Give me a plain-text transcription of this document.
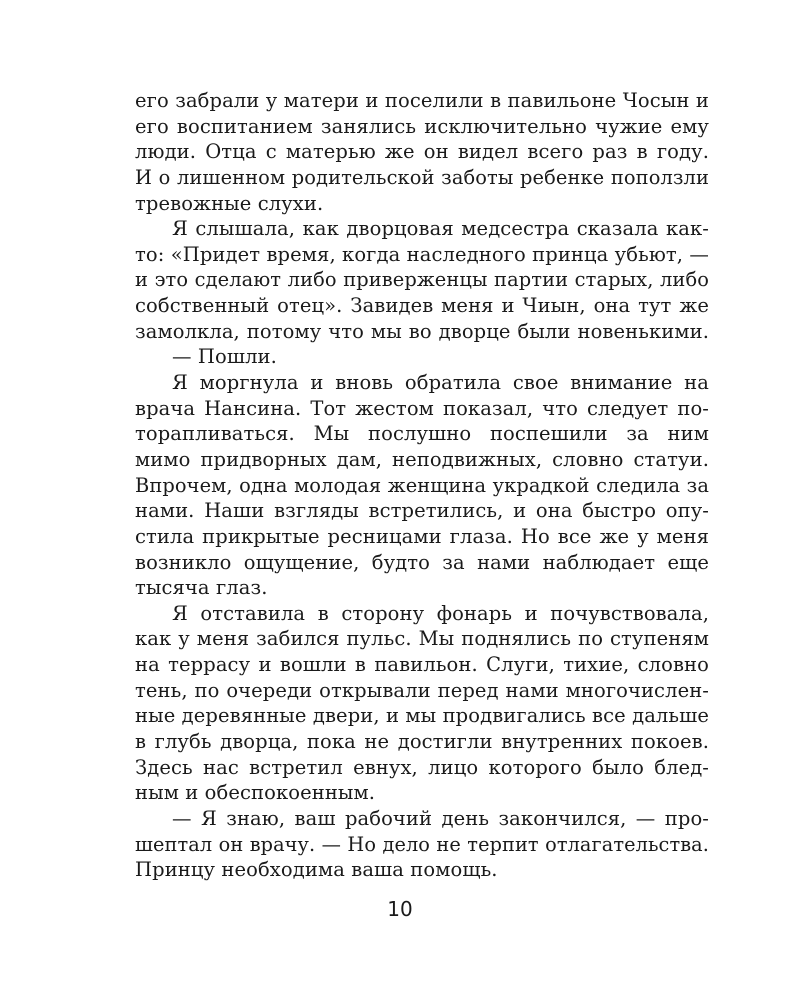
его забрали у матери и поселили в павильоне Чосын и
его воспитанием занялись исключительно чужие ему
люди. Отца с матерью же он видел всего раз в году.
И о лишенном родительской заботы ребенке поползли
тревожные слухи.
Я слышала, как дворцовая медсестра сказала как-
то: «Придет время, когда наследного принца убьют, —
и это сделают либо приверженцы партии старых, либо
собственный отец». Завидев меня и Чиын, она тут же
замолкла, потому что мы во дворце были новенькими.
— Пошли.
Я моргнула и вновь обратила свое внимание на
врача Нансина. Тот жестом показал, что следует по-
торапливаться. Мы послушно поспешили за ним
мимо придворных дам, неподвижных, словно статуи.
Впрочем, одна молодая женщина украдкой следила за
нами. Наши взгляды встретились, и она быстро опу-
стила прикрытые ресницами глаза. Но все же у меня
возникло ощущение, будто за нами наблюдает еще
тысяча глаз.
Я отставила в сторону фонарь и почувствовала,
как у меня забился пульс. Мы поднялись по ступеням
на террасу и вошли в павильон. Слуги, тихие, словно
тень, по очереди открывали перед нами многочислен-
ные деревянные двери, и мы продвигались все дальше
в глубь дворца, пока не достигли внутренних покоев.
Здесь нас встретил евнух, лицо которого было блед-
ным и обеспокоенным.
— Я знаю, ваш рабочий день закончился, — про-
шептал он врачу. — Но дело не терпит отлагательства.
Принцу необходима ваша помощь.
10
